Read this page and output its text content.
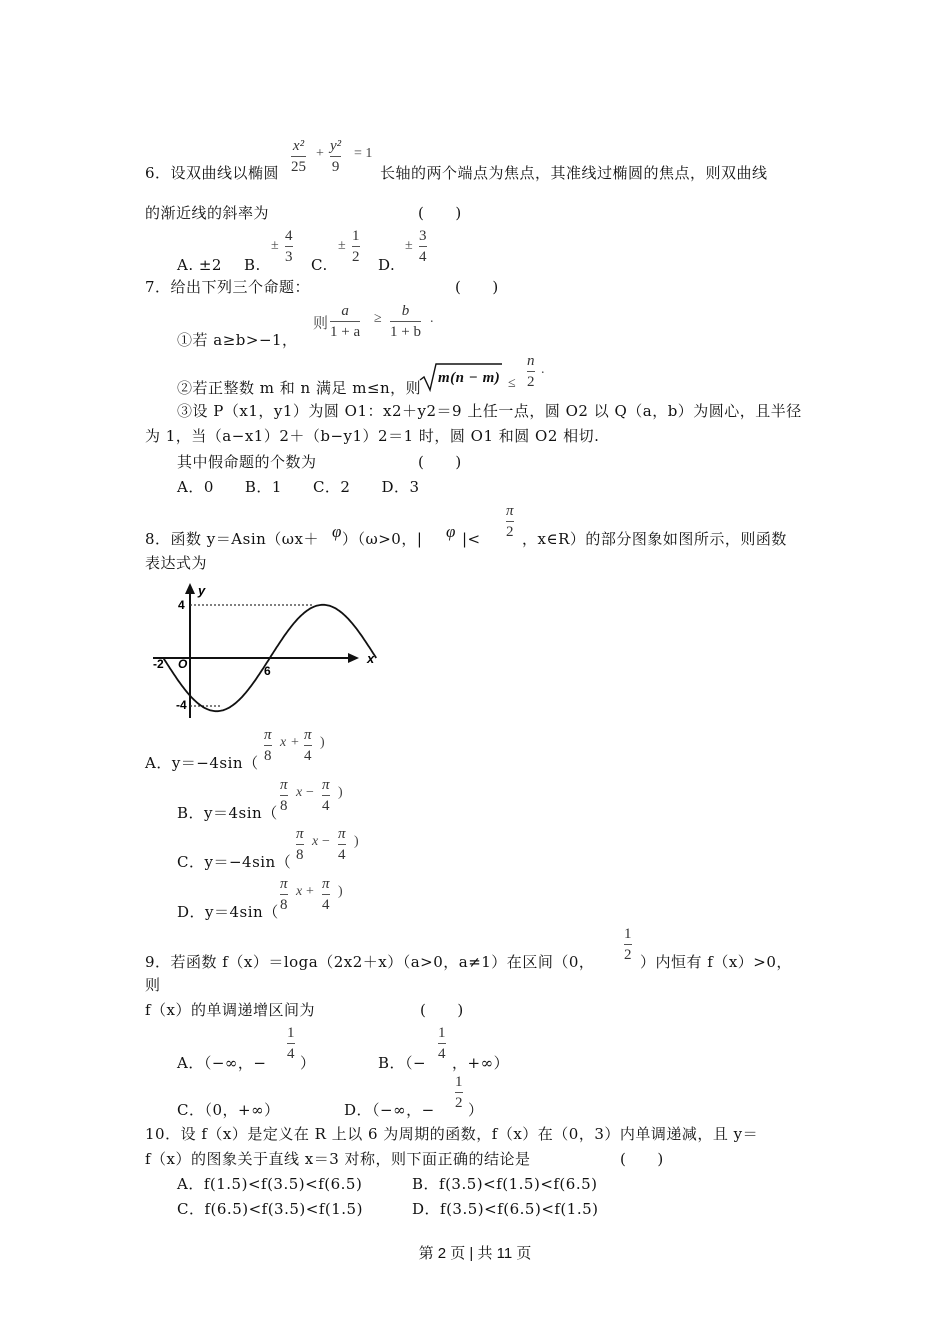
6．设双曲线以椭圆
x²
25
+ y²
9
= 1
长轴的两个端点为焦点，其准线过椭圆的焦点，则双曲线
的渐近线的斜率为	(　　)
A. ±2 B.
±
4
3 C.
±
1
2 D.
±
3
4
7．给出下列三个命题：	(　　)
①若 a≥b>−1，
则
a
1 + a
≥ b
1 + b
.
②若正整数 m 和 n 满足 m≤n，则
m(n − m) ≤
n
2
.
③设 P（x1，y1）为圆 O1：x2＋y2＝9 上任一点，圆 O2 以 Q（a，b）为圆心，且半径
为 1，当（a−x1）2＋（b−y1）2＝1 时，圆 O1 和圆 O2 相切.
其中假命题的个数为	(　　)
A．0　　B．1　　C．2　　D．3
8．函数 y＝Asin（ωx＋ φ ）（ω>0，| φ |<
π
2 ，x∈R）的部分图象如图所示，则函数
表达式为
y
x
O
4
-2	6
-4
A．y＝−4sin（
π
8
x + π
4
)
B．y＝4sin（
π
8
x − π
4
)
C．y＝−4sin（
π
8
x − π
4
)
D．y＝4sin（
π
8
x + π
4
)
9．若函数 f（x）＝loga（2x2＋x）（a>0，a≠1）在区间（0，
1
2 ）内恒有 f（x）>0，
则
f（x）的单调递增区间为	(　　)
A．（−∞，−
1
4 ）	B．（−
1
4 ，+∞）
C．（0，+∞）	D．（−∞，−
1
2 ）
10．设 f（x）是定义在 R 上以 6 为周期的函数，f（x）在（0，3）内单调递减，且 y＝
f（x）的图象关于直线 x＝3 对称，则下面正确的结论是	(　　)
A．f(1.5)<f(3.5)<f(6.5)	B．f(3.5)<f(1.5)<f(6.5)
C．f(6.5)<f(3.5)<f(1.5)	D．f(3.5)<f(6.5)<f(1.5)
第 2 页 | 共 11 页
